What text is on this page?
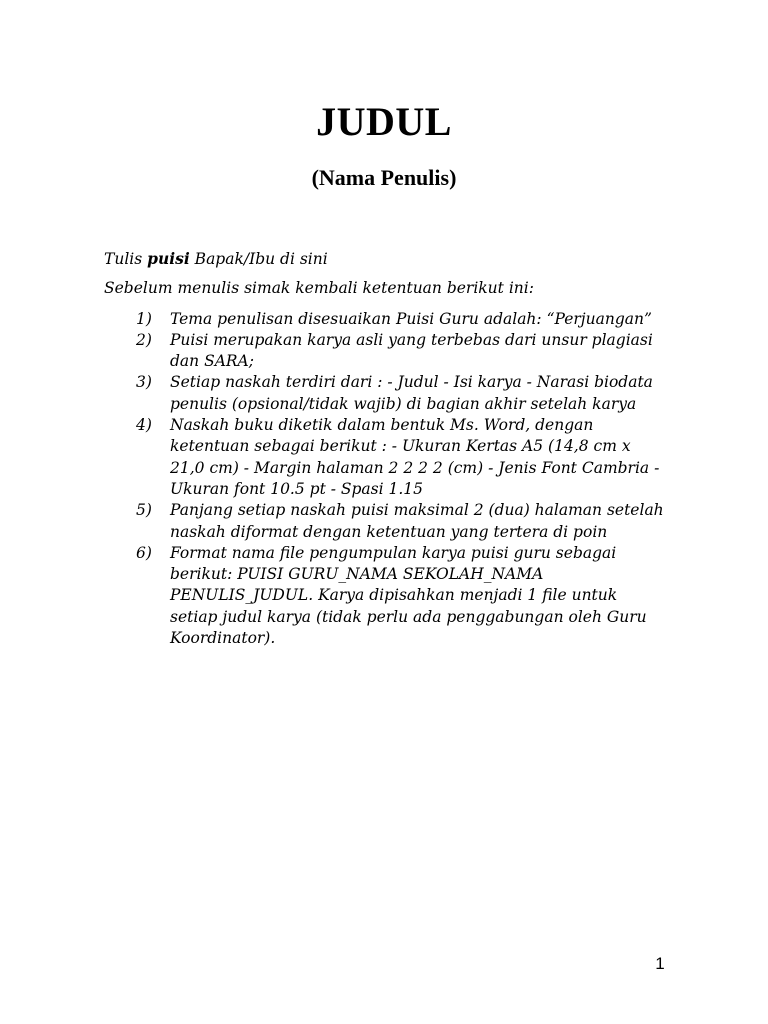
JUDUL
(Nama Penulis)

Tulis puisi Bapak/Ibu di sini

Sebelum menulis simak kembali ketentuan berikut ini:

1)	Tema penulisan disesuaikan Puisi Guru adalah: “Perjuangan”
2)	Puisi merupakan karya asli yang terbebas dari unsur plagiasi dan SARA;
3)	Setiap naskah terdiri dari : - Judul - Isi karya - Narasi biodata penulis (opsional/tidak wajib) di bagian akhir setelah karya
4)	Naskah buku diketik dalam bentuk Ms. Word, dengan ketentuan sebagai berikut : - Ukuran Kertas A5 (14,8 cm x 21,0 cm) - Margin halaman 2 2 2 2 (cm) - Jenis Font Cambria - Ukuran font 10.5 pt - Spasi 1.15
5)	Panjang setiap naskah puisi maksimal 2 (dua) halaman setelah naskah diformat dengan ketentuan yang tertera di poin
6)	Format nama file pengumpulan karya puisi guru sebagai berikut: PUISI GURU_NAMA SEKOLAH_NAMA PENULIS_JUDUL. Karya dipisahkan menjadi 1 file untuk setiap judul karya (tidak perlu ada penggabungan oleh Guru Koordinator).
1
